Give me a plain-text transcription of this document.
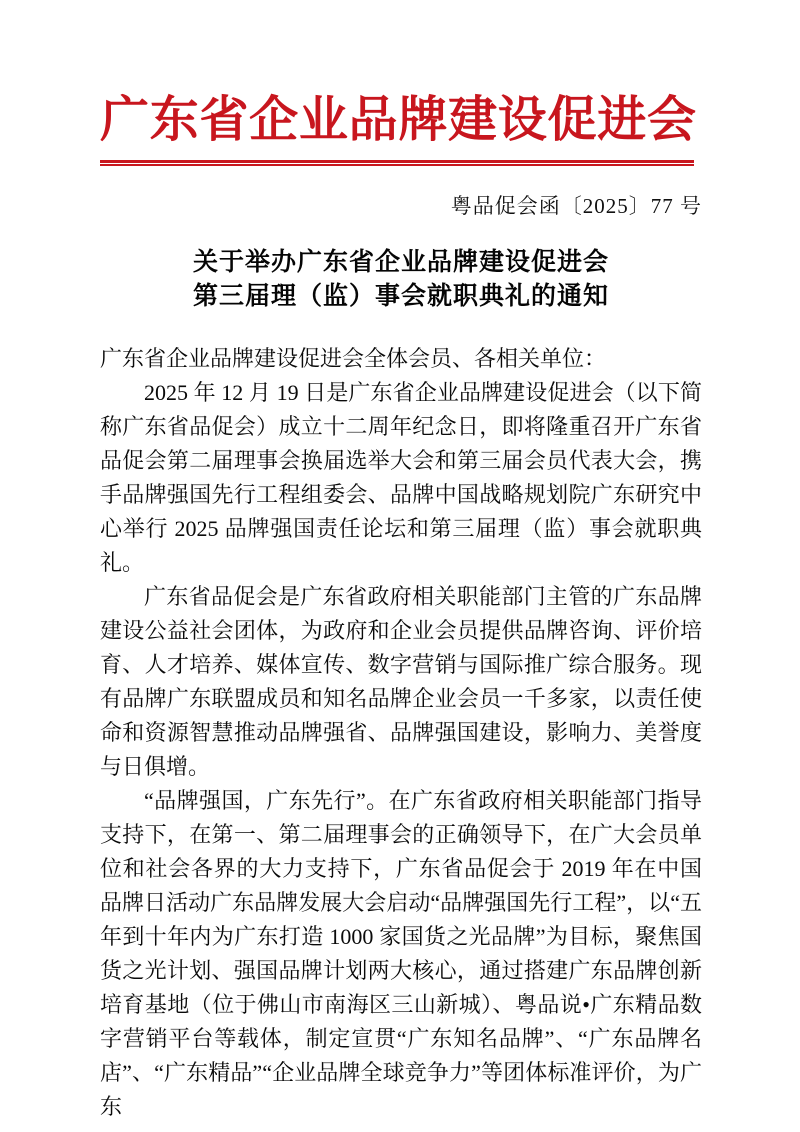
广东省企业品牌建设促进会
粤品促会函〔2025〕77 号
关于举办广东省企业品牌建设促进会
第三届理（监）事会就职典礼的通知

广东省企业品牌建设促进会全体会员、各相关单位：

2025 年 12 月 19 日是广东省企业品牌建设促进会（以下简称广东省品促会）成立十二周年纪念日，即将隆重召开广东省品促会第二届理事会换届选举大会和第三届会员代表大会，携手品牌强国先行工程组委会、品牌中国战略规划院广东研究中心举行 2025 品牌强国责任论坛和第三届理（监）事会就职典礼。

广东省品促会是广东省政府相关职能部门主管的广东品牌建设公益社会团体，为政府和企业会员提供品牌咨询、评价培育、人才培养、媒体宣传、数字营销与国际推广综合服务。现有品牌广东联盟成员和知名品牌企业会员一千多家，以责任使命和资源智慧推动品牌强省、品牌强国建设，影响力、美誉度与日俱增。

“品牌强国，广东先行”。在广东省政府相关职能部门指导支持下，在第一、第二届理事会的正确领导下，在广大会员单位和社会各界的大力支持下，广东省品促会于 2019 年在中国品牌日活动广东品牌发展大会启动“品牌强国先行工程”，以“五年到十年内为广东打造 1000 家国货之光品牌”为目标，聚焦国货之光计划、强国品牌计划两大核心，通过搭建广东品牌创新培育基地（位于佛山市南海区三山新城）、粤品说•广东精品数字营销平台等载体，制定宣贯“广东知名品牌”、“广东品牌名店”、“广东精品”“企业品牌全球竞争力”等团体标准评价，为广东
